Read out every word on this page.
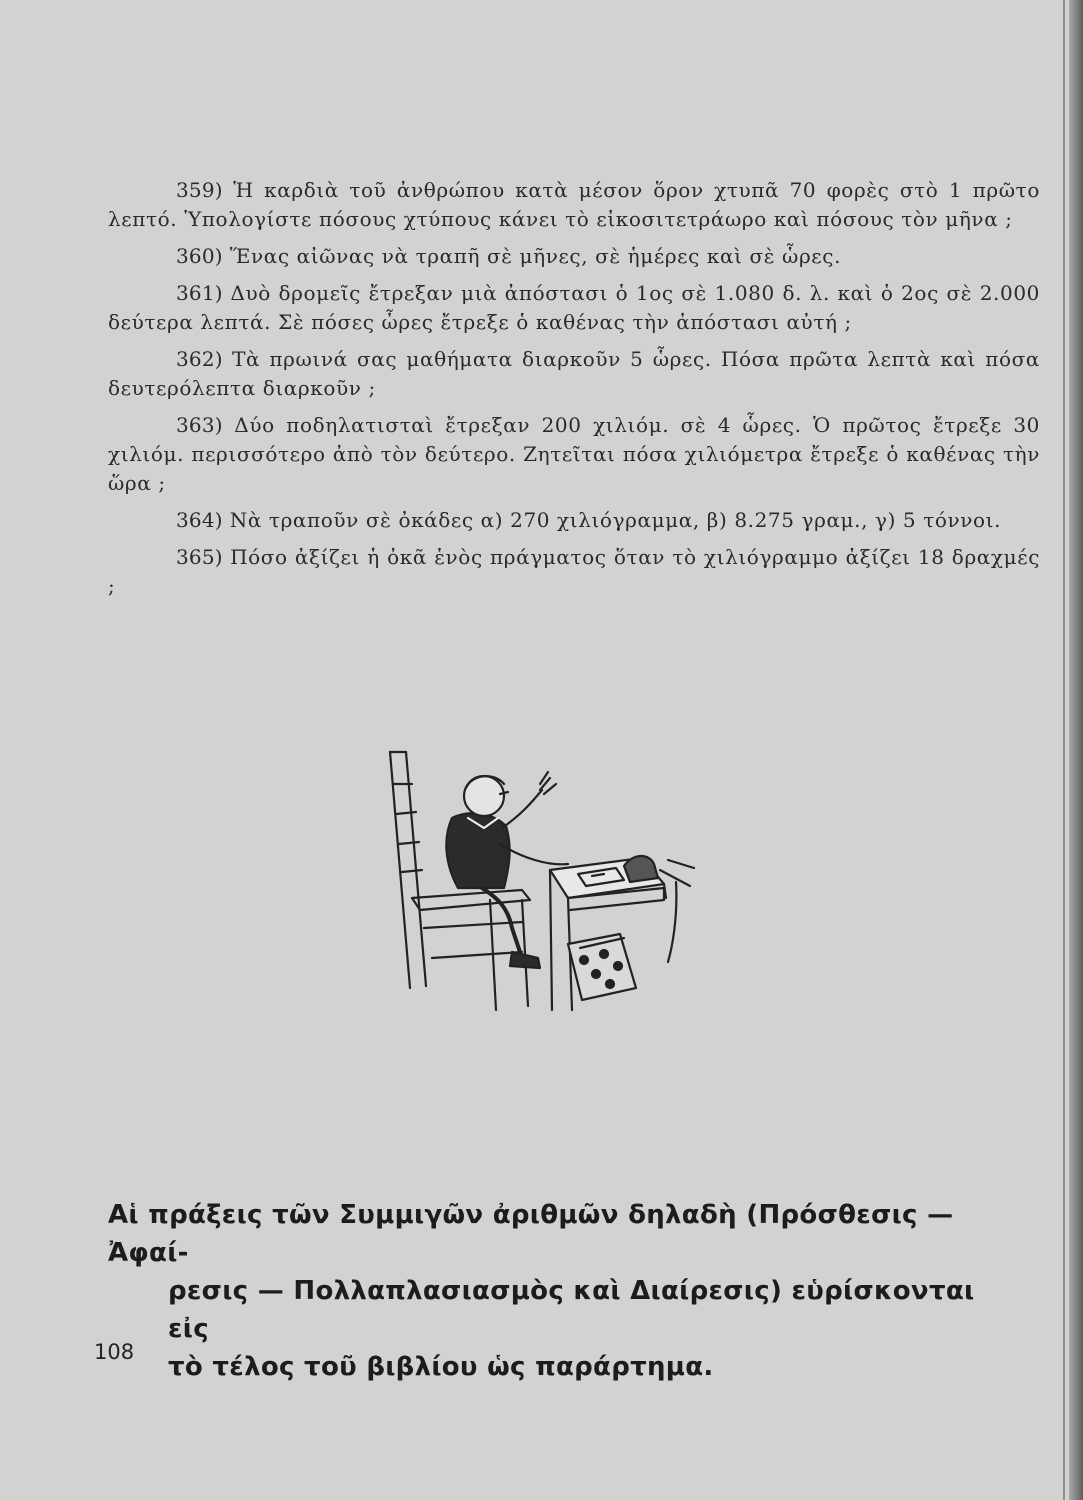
359) Ἡ καρδιὰ τοῦ ἀνθρώπου κατὰ μέσον ὅρον χτυπᾶ 70 φορὲς στὸ 1 πρῶτο λεπτό. Ὑπολογίστε πόσους χτύπους κάνει τὸ εἰκοσιτετράωρο καὶ πόσους τὸν μῆνα ;

360) Ἕνας αἰῶνας νὰ τραπῆ σὲ μῆνες, σὲ ἡμέρες καὶ σὲ ὧρες.

361) Δυὸ δρομεῖς ἔτρεξαν μιὰ ἀπόστασι ὁ 1ος σὲ 1.080 δ. λ. καὶ ὁ 2ος σὲ 2.000 δεύτερα λεπτά. Σὲ πόσες ὧρες ἔτρεξε ὁ καθένας τὴν ἀπόστασι αὐτή ;

362) Τὰ πρωινά σας μαθήματα διαρκοῦν 5 ὧρες. Πόσα πρῶτα λεπτὰ καὶ πόσα δευτερόλεπτα διαρκοῦν ;

363) Δύο ποδηλατισταὶ ἔτρεξαν 200 χιλιόμ. σὲ 4 ὧρες. Ὁ πρῶτος ἔτρεξε 30 χιλιόμ. περισσότερο ἀπὸ τὸν δεύτερο. Ζητεῖται πόσα χιλιόμετρα ἔτρεξε ὁ καθένας τὴν ὥρα ;

364) Νὰ τραποῦν σὲ ὀκάδες α) 270 χιλιόγραμμα, β) 8.275 γραμ., γ) 5 τόννοι.

365) Πόσο ἀξίζει ἡ ὀκᾶ ἑνὸς πράγματος ὅταν τὸ χιλιόγραμμο ἀξίζει 18 δραχμές ;

Αἱ πράξεις τῶν Συμμιγῶν ἀριθμῶν δηλαδὴ (Πρόσθεσις — Ἀφαί-
ρεσις — Πολλαπλασιασμὸς καὶ Διαίρεσις) εὑρίσκονται εἰς
τὸ τέλος τοῦ βιβλίου ὡς παράρτημα.
108
